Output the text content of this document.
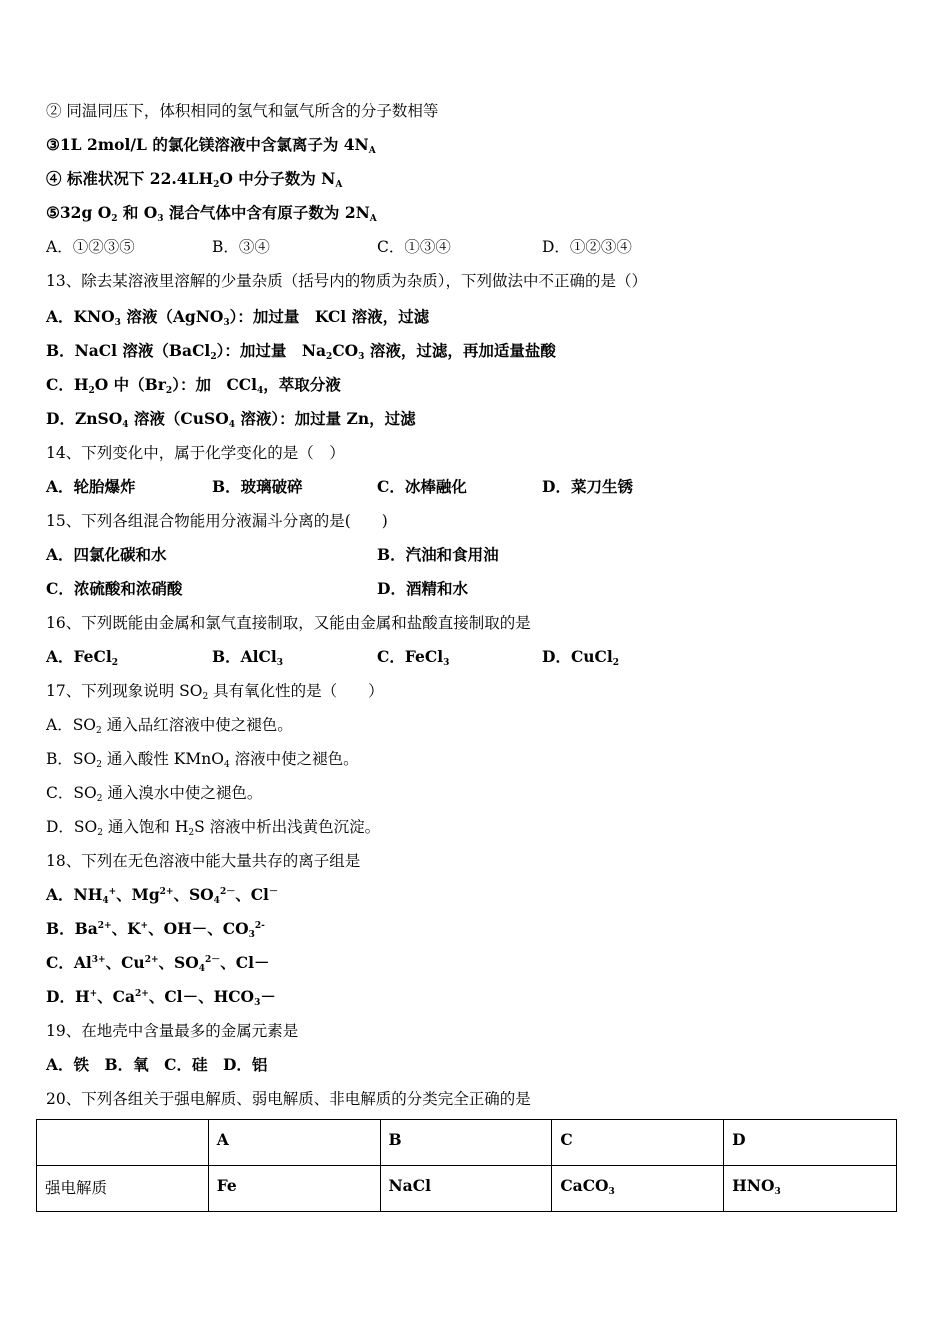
② 同温同压下，体积相同的氢气和氩气所含的分子数相等
③1L 2mol/L 的氯化镁溶液中含氯离子为 $4N_A$
④ 标准状况下 $22.4LH_2O$ 中分子数为 $N_A$
⑤32g $O_2$ 和 $O_3$ 混合气体中含有原子数为 $2N_A$
A．①②③⑤	B．③④	C．①③④	D．①②③④
13、除去某溶液里溶解的少量杂质（括号内的物质为杂质），下列做法中不正确的是（）
A．$KNO_3$ 溶液（AgNO$_3$）：加过量　KCl 溶液，过滤
B．NaCl 溶液（BaCl$_2$）：加过量　$Na_2CO_3$ 溶液，过滤，再加适量盐酸
C．$H_2O$ 中$(Br_2)$：加　CCl$_4$，萃取分液
D．ZnSO$_4$ 溶液（CuSO$_4$ 溶液）：加过量 Zn，过滤
14、下列变化中，属于化学变化的是（　）
A．轮胎爆炸	B．玻璃破碎	C．冰棒融化	D．菜刀生锈
15、下列各组混合物能用分液漏斗分离的是(　　)
A．四氯化碳和水	B．汽油和食用油
C．浓硫酸和浓硝酸	D．酒精和水
16、下列既能由金属和氯气直接制取，又能由金属和盐酸直接制取的是
A．FeCl$_2$	B．AlCl$_3$	C．FeCl$_3$	D．CuCl$_2$
17、下列现象说明 $SO_2$ 具有氧化性的是（　　）
A．$SO_2$ 通入品红溶液中使之褪色。
B．$SO_2$ 通入酸性 KMnO$_4$ 溶液中使之褪色。
C．$SO_2$ 通入溴水中使之褪色。
D．$SO_2$ 通入饱和 $H_2S$ 溶液中析出浅黄色沉淀。
18、下列在无色溶液中能大量共存的离子组是
A．$NH_4^+$、$Mg^{2+}$、$SO_4^{2-}$、Cl－
B．$Ba^{2+}$、K+、OH－、$CO_3^{2-}$
C．$Al^{3+}$、$Cu^{2+}$、$SO_4^{2-}$、Cl－
D．H+、$Ca^{2+}$、Cl－、$HCO_3-$
19、在地壳中含量最多的金属元素是
A．铁　B．氧　C．硅　D．铝
20、下列各组关于强电解质、弱电解质、非电解质的分类完全正确的是
	A	B	C	D
强电解质	Fe	NaCl	CaCO$_3$	$HNO_3$
